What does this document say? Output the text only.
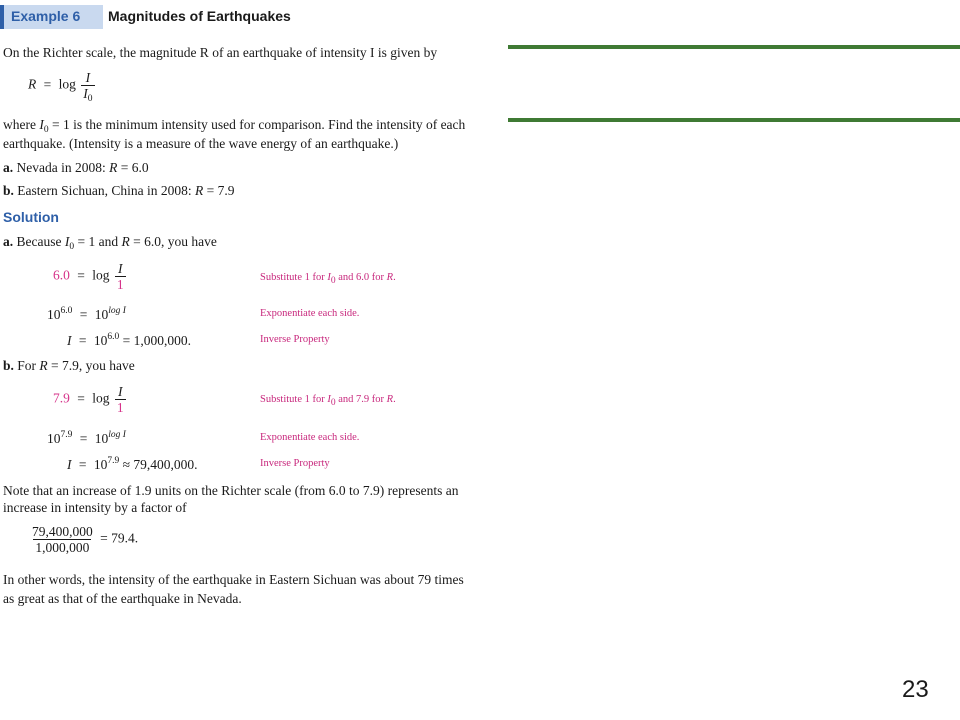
Example 6 Magnitudes of Earthquakes
On the Richter scale, the magnitude R of an earthquake of intensity I is given by
$R = \log \frac{I}{I_0}$
where $I_0 = 1$ is the minimum intensity used for comparison. Find the intensity of each
earthquake. (Intensity is a measure of the wave energy of an earthquake.)
a. Nevada in 2008: R = 6.0
b. Eastern Sichuan, China in 2008: R = 7.9
Solution
a. Because $I_0 = 1$ and R = 6.0, you have
$6.0 = \log \frac{I}{1}$	Substitute 1 for $I_0$ and 6.0 for R.
$10^{6.0} = 10^{log I}$	Exponentiate each side.
$I = 10^{6.0} = 1,000,000$.	Inverse Property
b. For R = 7.9, you have
$7.9 = \log \frac{I}{1}$	Substitute 1 for $I_0$ and 7.9 for R.
$10^{7.9} = 10^{log I}$	Exponentiate each side.
$I = 10^{7.9} \approx 79,400,000$.	Inverse Property
Note that an increase of 1.9 units on the Richter scale (from 6.0 to 7.9) represents an
increase in intensity by a factor of
$\frac{79,400,000}{1,000,000} = 79.4$.
In other words, the intensity of the earthquake in Eastern Sichuan was about 79 times
as great as that of the earthquake in Nevada.
23
